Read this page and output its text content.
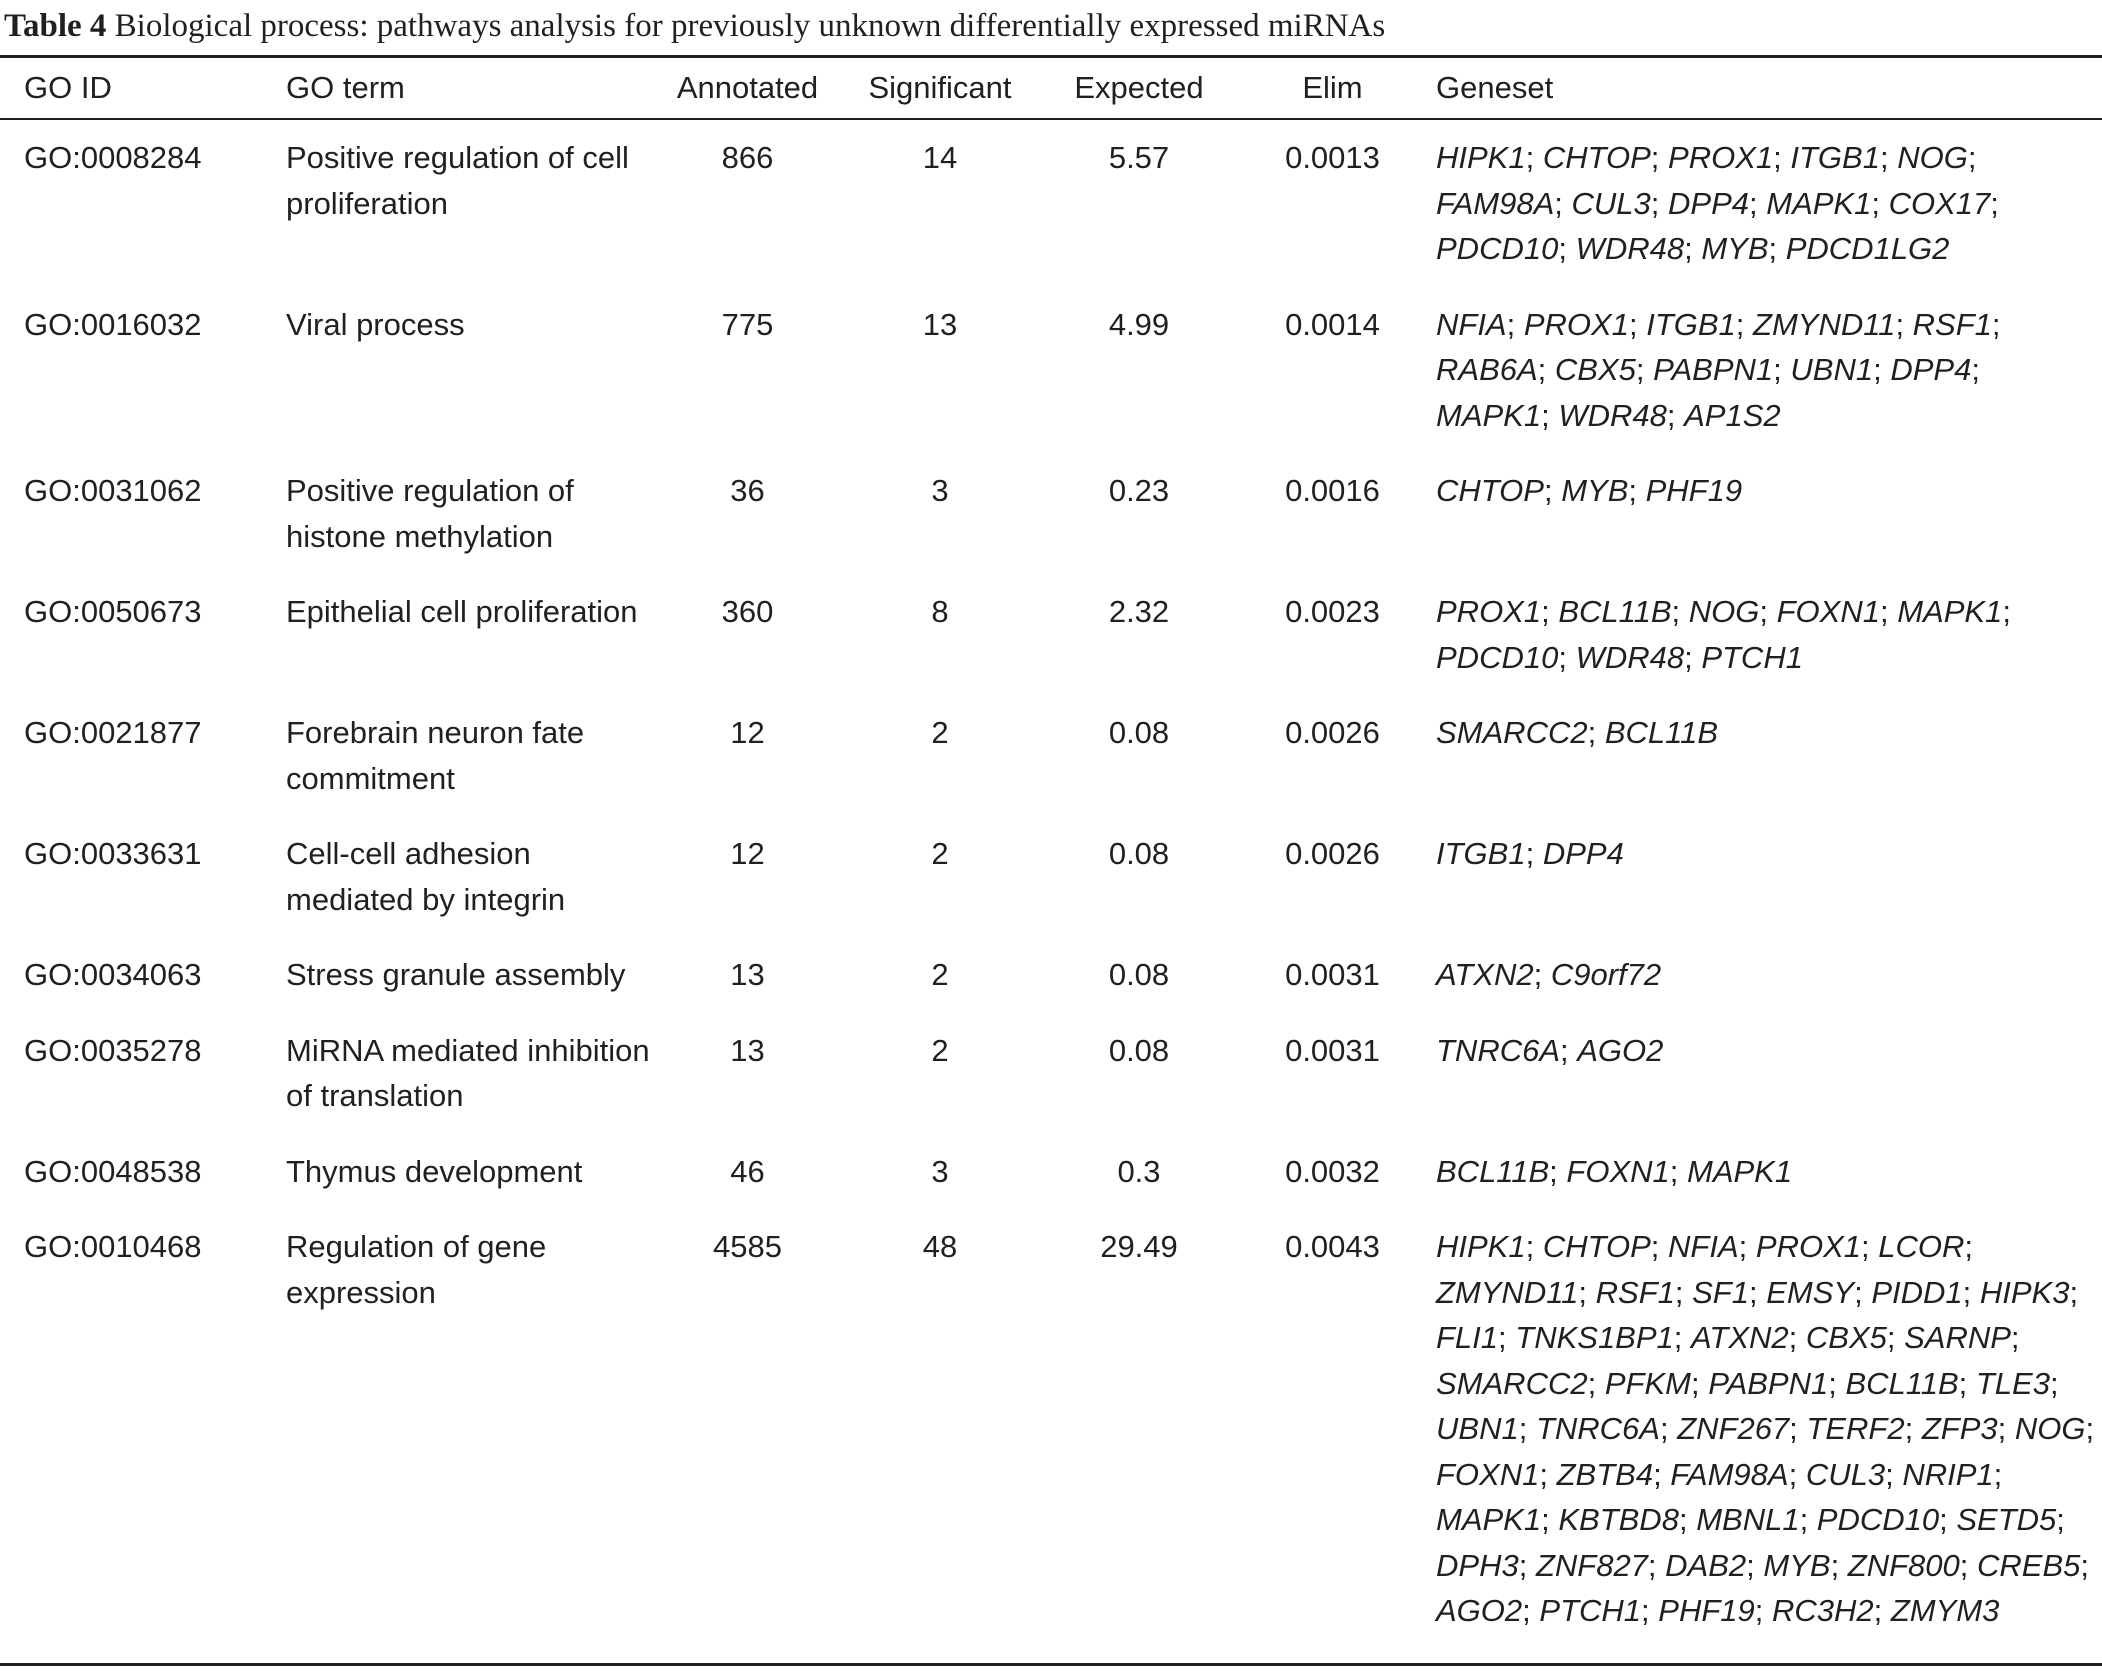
Table 4 Biological process: pathways analysis for previously unknown differentially expressed miRNAs
GO ID	GO term	Annotated	Significant	Expected	Elim	Geneset
GO:0008284	Positive regulation of cell proliferation	866	14	5.57	0.0013	HIPK1; CHTOP; PROX1; ITGB1; NOG; FAM98A; CUL3; DPP4; MAPK1; COX17; PDCD10; WDR48; MYB; PDCD1LG2
GO:0016032	Viral process	775	13	4.99	0.0014	NFIA; PROX1; ITGB1; ZMYND11; RSF1; RAB6A; CBX5; PABPN1; UBN1; DPP4; MAPK1; WDR48; AP1S2
GO:0031062	Positive regulation of histone methylation	36	3	0.23	0.0016	CHTOP; MYB; PHF19
GO:0050673	Epithelial cell proliferation	360	8	2.32	0.0023	PROX1; BCL11B; NOG; FOXN1; MAPK1; PDCD10; WDR48; PTCH1
GO:0021877	Forebrain neuron fate commitment	12	2	0.08	0.0026	SMARCC2; BCL11B
GO:0033631	Cell-cell adhesion mediated by integrin	12	2	0.08	0.0026	ITGB1; DPP4
GO:0034063	Stress granule assembly	13	2	0.08	0.0031	ATXN2; C9orf72
GO:0035278	MiRNA mediated inhibition of translation	13	2	0.08	0.0031	TNRC6A; AGO2
GO:0048538	Thymus development	46	3	0.3	0.0032	BCL11B; FOXN1; MAPK1
GO:0010468	Regulation of gene expression	4585	48	29.49	0.0043	HIPK1; CHTOP; NFIA; PROX1; LCOR; ZMYND11; RSF1; SF1; EMSY; PIDD1; HIPK3; FLI1; TNKS1BP1; ATXN2; CBX5; SARNP; SMARCC2; PFKM; PABPN1; BCL11B; TLE3; UBN1; TNRC6A; ZNF267; TERF2; ZFP3; NOG; FOXN1; ZBTB4; FAM98A; CUL3; NRIP1; MAPK1; KBTBD8; MBNL1; PDCD10; SETD5; DPH3; ZNF827; DAB2; MYB; ZNF800; CREB5; AGO2; PTCH1; PHF19; RC3H2; ZMYM3
